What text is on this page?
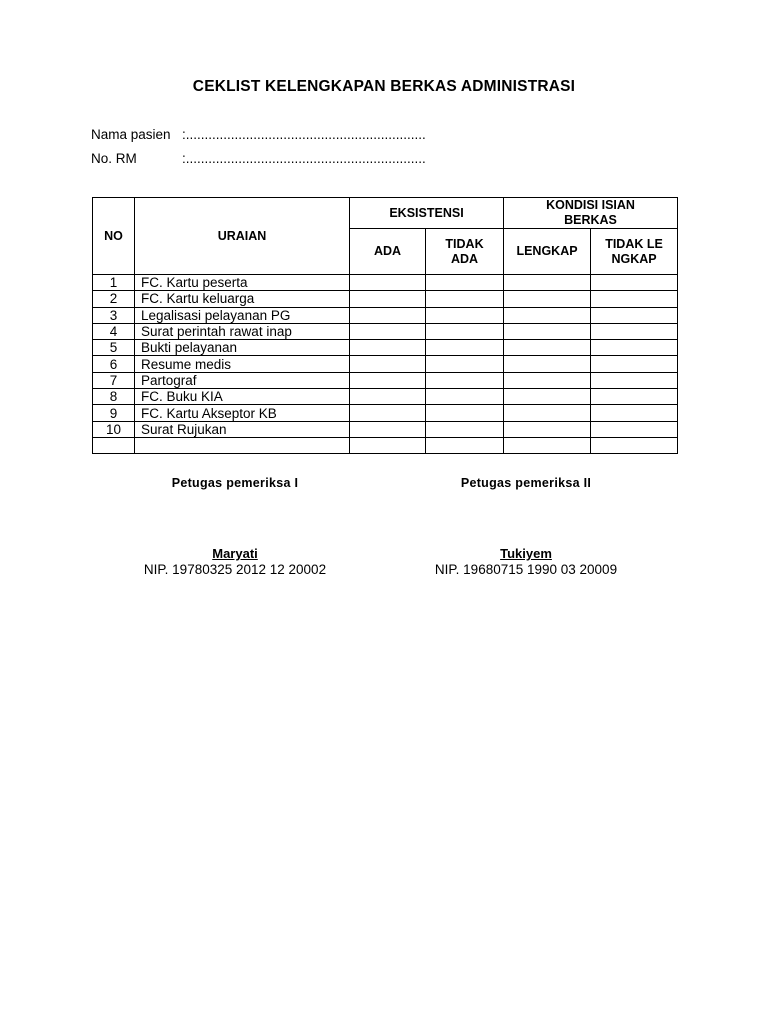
CEKLIST KELENGKAPAN BERKAS ADMINISTRASI
Nama pasien :................................................................
No. RM	:................................................................
NO	URAIAN	EKSISTENSI		KONDISI ISIAN BERKAS	
		ADA	TIDAK ADA	LENGKAP	TIDAK LENGKAP
1	FC. Kartu peserta				
2	FC. Kartu keluarga				
3	Legalisasi pelayanan PG				
4	Surat perintah rawat inap				
5	Bukti pelayanan				
6	Resume medis				
7	Partograf				
8	FC. Buku KIA				
9	FC. Kartu Akseptor KB				
10	Surat Rujukan				

Petugas pemeriksa I	Petugas pemeriksa II
Maryati	Tukiyem
NIP. 19780325 2012 12 20002	NIP. 19680715 1990 03 20009
